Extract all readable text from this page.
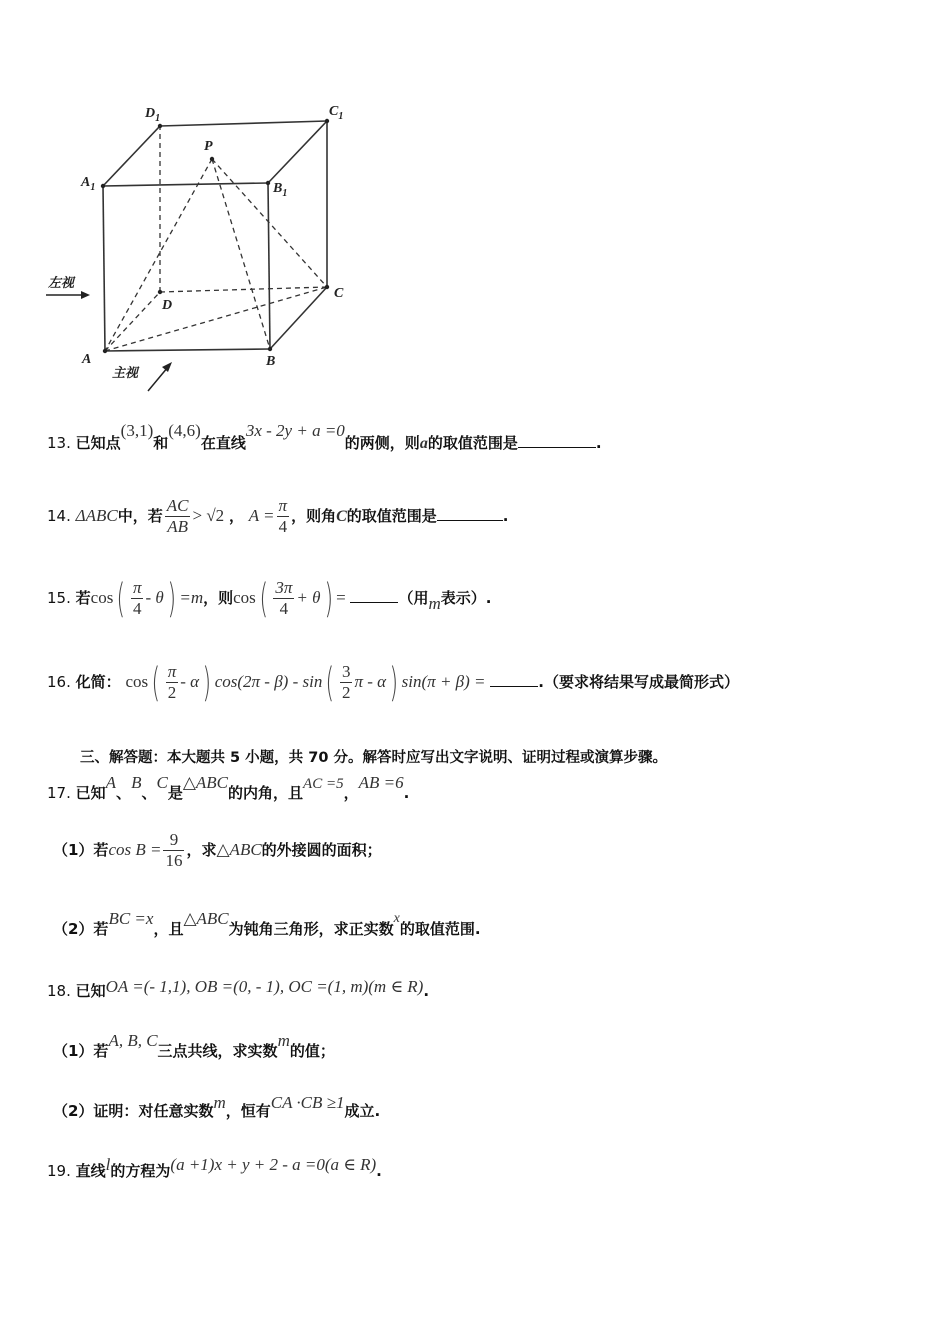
$D_1$	$C_1$
$A_1$	$B_1$
P
D
C
A	B
左视
主视
13. 已知点(3,1)和(4,6)在直线3x - 2y + a =0的两侧，则a的取值范围是	.
14. ΔABC中，若 $\frac{AC}{AB} > √2$ ， $A = \frac{\pi}{4}$ ，则角C的取值范围是	.
15. 若$\cos( \frac{\pi}{4} - \theta) =m$，则$\cos( \frac{3\pi}{4} + \theta)$ =	（用m表示）.
16. 化简： $\cos( \frac{\pi}{2} - \alpha)$ $\cos(2\pi - \beta) - \sin( \frac{3}{2}$ π - α) sin(π + β) =	.（要求将结果写成最简形式）
三、解答题：本大题共 5 小题，共 70 分。解答时应写出文字说明、证明过程或演算步骤。
17. 已知A、B、C是△ABC的内角，且AC =5，AB =6.
（1）若$\cos B = \frac{9}{16}$ ，求△ABC的外接圆的面积；
（2）若BC =x，且△ABC为钝角三角形，求正实数x的取值范围.
18. 已知OA =(- 1,1), OB =(0, - 1), OC =(1, m)(m ∈ R).
（1）若A, B, C三点共线，求实数m的值；
（2）证明：对任意实数m，恒有CA ·CB ≥1成立.
19. 直线l的方程为(a +1)x + y + 2 - a =0(a ∈ R).
